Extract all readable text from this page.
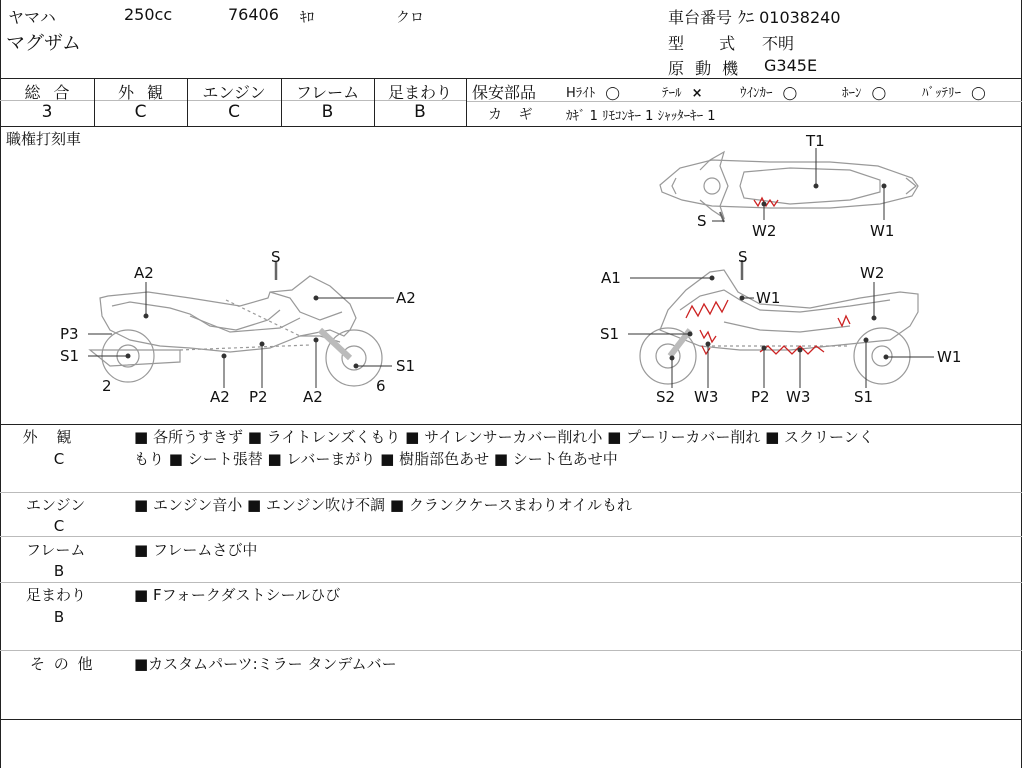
ヤマハ	250cc	76406 ｷﾛ	クロ
マグザム
車台番号 ｸﾆ 01038240
型 式 不明
原 動 機 G345E
総 合	外 観	エンジン	フレーム	足まわり
3	C	C	B	B
保安部品 Hﾗｲﾄ ◯	ﾃｰﾙ ×	ｳｲﾝｶｰ ◯	ﾎｰﾝ ◯	ﾊﾞｯﾃﾘｰ ◯
カ ギ	ｶｷﾞ 1 ﾘﾓｺﾝｷｰ 1 ｼｬｯﾀｰｷｰ 1
職権打刻車
A2
S
A2
P3
S1
2
A2 P2 A2
S1
6
T1
S
W2	W1
A1
S
W2
W1
S1
W1
S2 W3 P2 W3	S1
外 観
C
■ 各所うすきず ■ ライトレンズくもり ■ サイレンサーカバー削れ小 ■ プーリーカバー削れ ■ スクリーンく
もり ■ シート張替 ■ レバーまがり ■ 樹脂部色あせ ■ シート色あせ中
エンジン
C
■ エンジン音小 ■ エンジン吹け不調 ■ クランクケースまわりオイルもれ
フレーム
B
■ フレームさび中
足まわり
B
■ Fフォークダストシールひび
そ の 他	■カスタムパーツ:ミラー タンデムバー
